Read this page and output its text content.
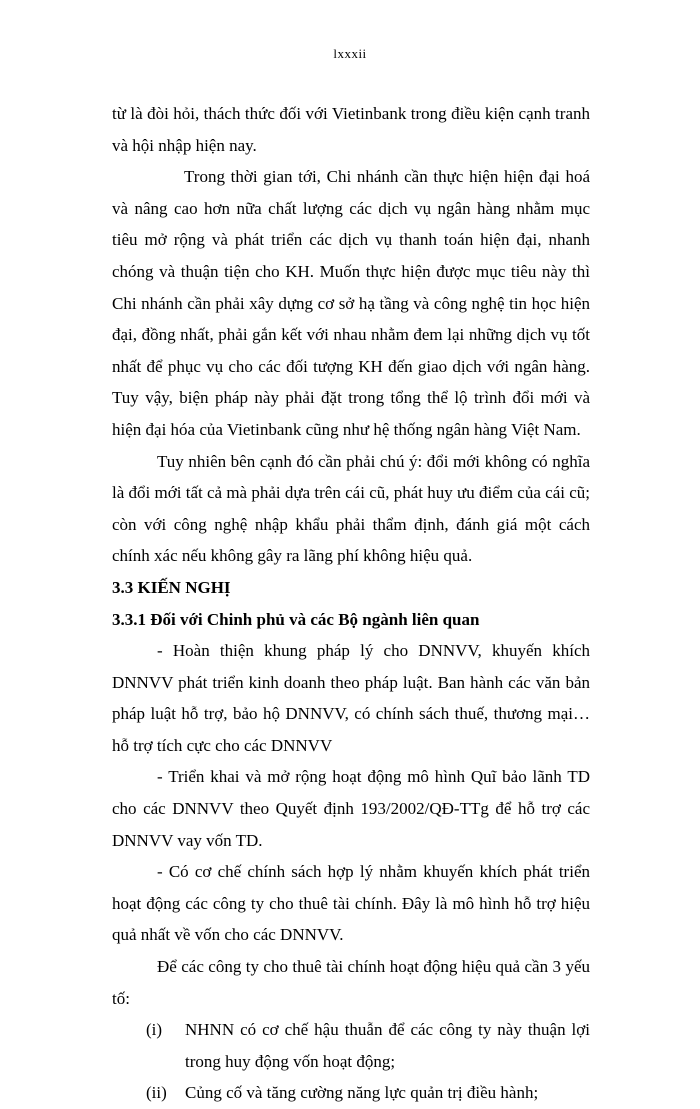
lxxxii

từ là đòi hỏi, thách thức đối với Vietinbank trong điều kiện cạnh tranh và hội nhập hiện nay.

Trong thời gian tới, Chi nhánh cần thực hiện hiện đại hoá và nâng cao hơn nữa chất lượng các dịch vụ ngân hàng nhằm mục tiêu mở rộng và phát triển các dịch vụ thanh toán hiện đại, nhanh chóng và thuận tiện cho KH. Muốn thực hiện được mục tiêu này thì Chi nhánh cần phải xây dựng cơ sở hạ tầng và công nghệ tin học hiện đại, đồng nhất, phải gắn kết với nhau nhằm đem lại những dịch vụ tốt nhất để phục vụ cho các đối tượng KH đến giao dịch với ngân hàng. Tuy vậy, biện pháp này phải đặt trong tổng thể lộ trình đổi mới và hiện đại hóa của Vietinbank cũng như hệ thống ngân hàng Việt Nam.

Tuy nhiên bên cạnh đó cần phải chú ý: đổi mới không có nghĩa là đổi mới tất cả mà phải dựa trên cái cũ, phát huy ưu điểm của cái cũ; còn với công nghệ nhập khẩu phải thẩm định, đánh giá một cách chính xác nếu không gây ra lãng phí không hiệu quả.

3.3 KIẾN NGHỊ

3.3.1 Đối với Chinh phủ và các Bộ ngành liên quan

- Hoàn thiện khung pháp lý cho DNNVV, khuyến khích DNNVV phát triển kinh doanh theo pháp luật. Ban hành các văn bản pháp luật hỗ trợ, bảo hộ DNNVV, có chính sách thuế, thương mại… hỗ trợ tích cực cho các DNNVV

- Triển khai và mở rộng hoạt động mô hình Quĩ bảo lãnh TD cho các DNNVV theo Quyết định 193/2002/QĐ-TTg để hỗ trợ các DNNVV vay vốn TD.

- Có cơ chế chính sách hợp lý nhằm khuyến khích phát triển hoạt động các công ty cho thuê tài chính. Đây là mô hình hỗ trợ hiệu quả nhất về vốn cho các DNNVV.

Để các công ty cho thuê tài chính hoạt động hiệu quả cần 3 yếu tố:

(i) NHNN có cơ chế hậu thuẫn để các công ty này thuận lợi trong huy động vốn hoạt động;

(ii) Củng cố và tăng cường năng lực quản trị điều hành;
